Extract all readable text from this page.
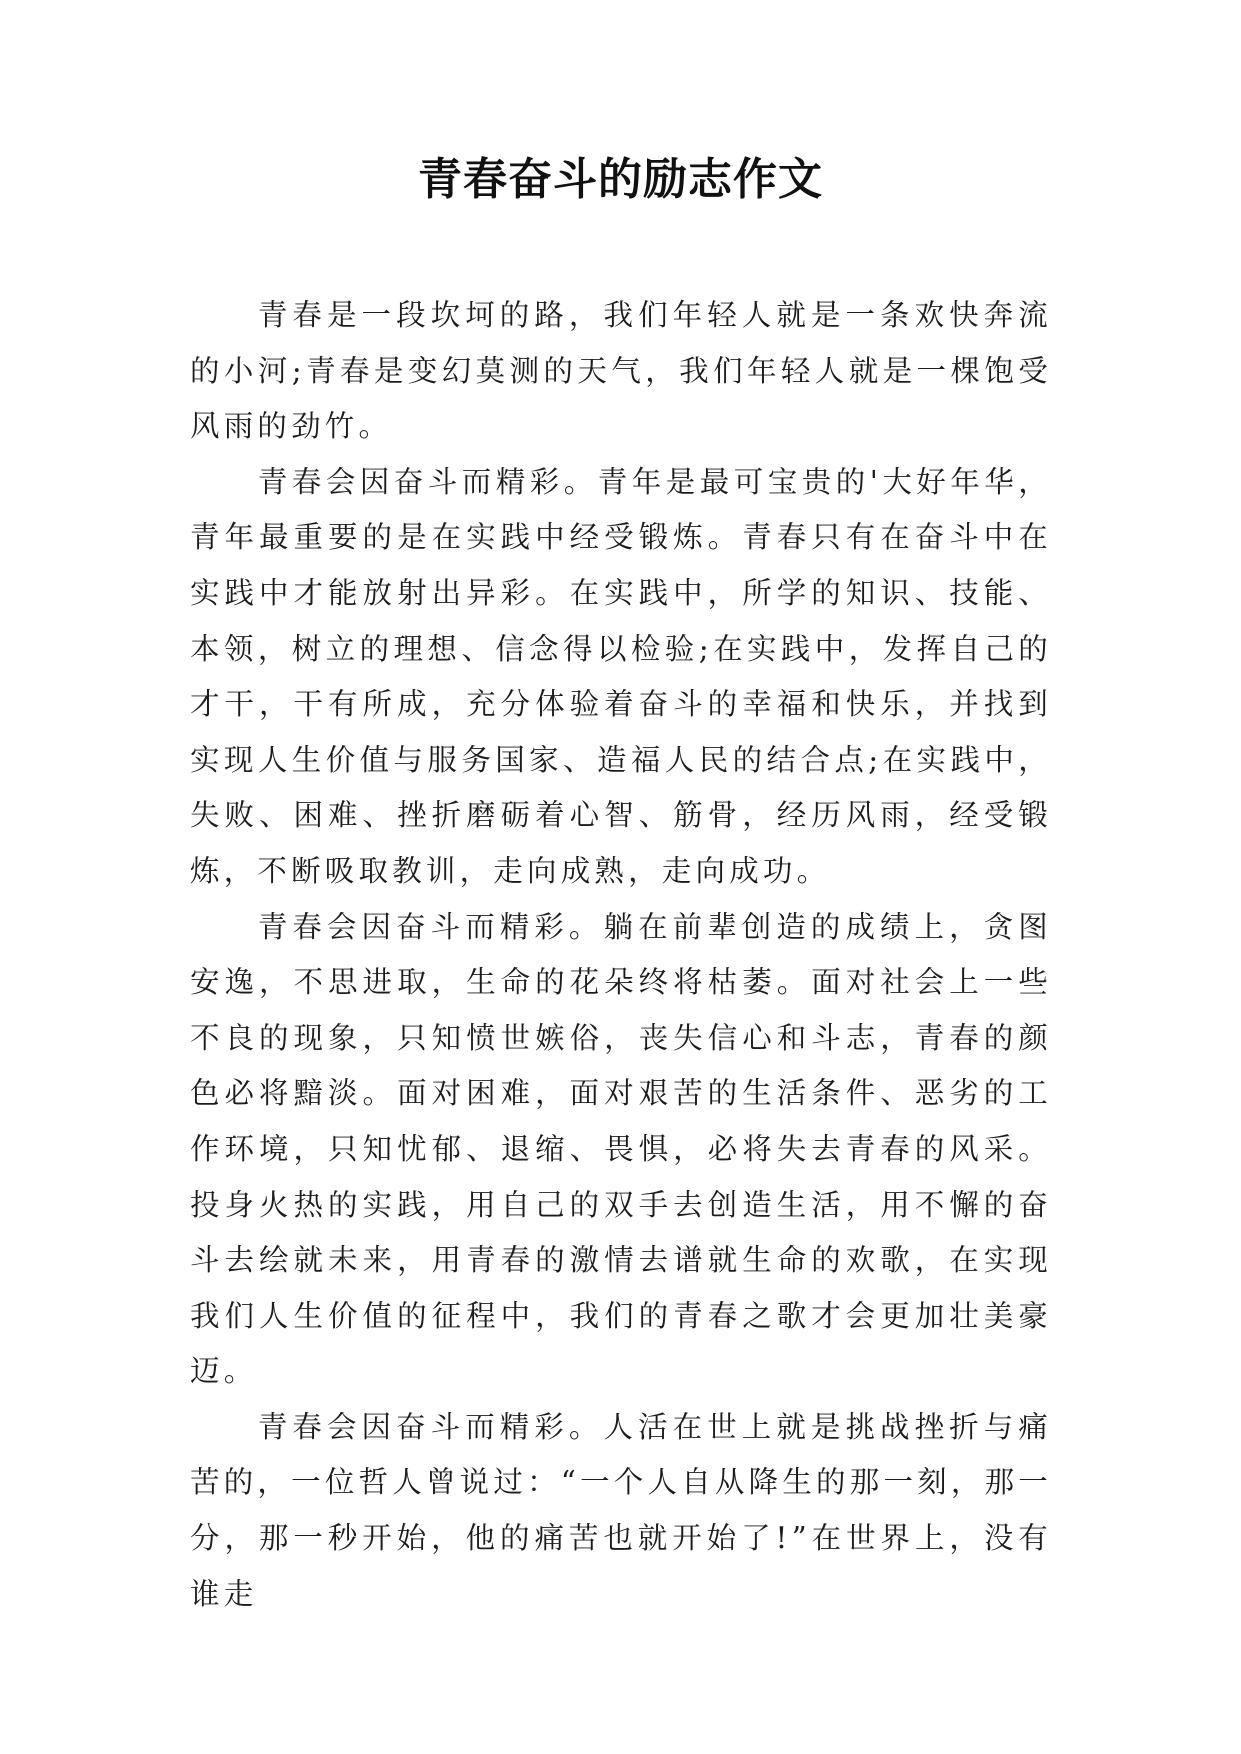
青春奋斗的励志作文

青春是一段坎坷的路，我们年轻人就是一条欢快奔流的小河;青春是变幻莫测的天气，我们年轻人就是一棵饱受风雨的劲竹。

青春会因奋斗而精彩。青年是最可宝贵的'大好年华，青年最重要的是在实践中经受锻炼。青春只有在奋斗中在实践中才能放射出异彩。在实践中，所学的知识、技能、本领，树立的理想、信念得以检验;在实践中，发挥自己的才干，干有所成，充分体验着奋斗的幸福和快乐，并找到实现人生价值与服务国家、造福人民的结合点;在实践中，失败、困难、挫折磨砺着心智、筋骨，经历风雨，经受锻炼，不断吸取教训，走向成熟，走向成功。

青春会因奋斗而精彩。躺在前辈创造的成绩上，贪图安逸，不思进取，生命的花朵终将枯萎。面对社会上一些不良的现象，只知愤世嫉俗，丧失信心和斗志，青春的颜色必将黯淡。面对困难，面对艰苦的生活条件、恶劣的工作环境，只知忧郁、退缩、畏惧，必将失去青春的风采。投身火热的实践，用自己的双手去创造生活，用不懈的奋斗去绘就未来，用青春的激情去谱就生命的欢歌，在实现我们人生价值的征程中，我们的青春之歌才会更加壮美豪迈。

青春会因奋斗而精彩。人活在世上就是挑战挫折与痛苦的，一位哲人曾说过：“一个人自从降生的那一刻，那一分，那一秒开始，他的痛苦也就开始了!”在世界上，没有谁走
